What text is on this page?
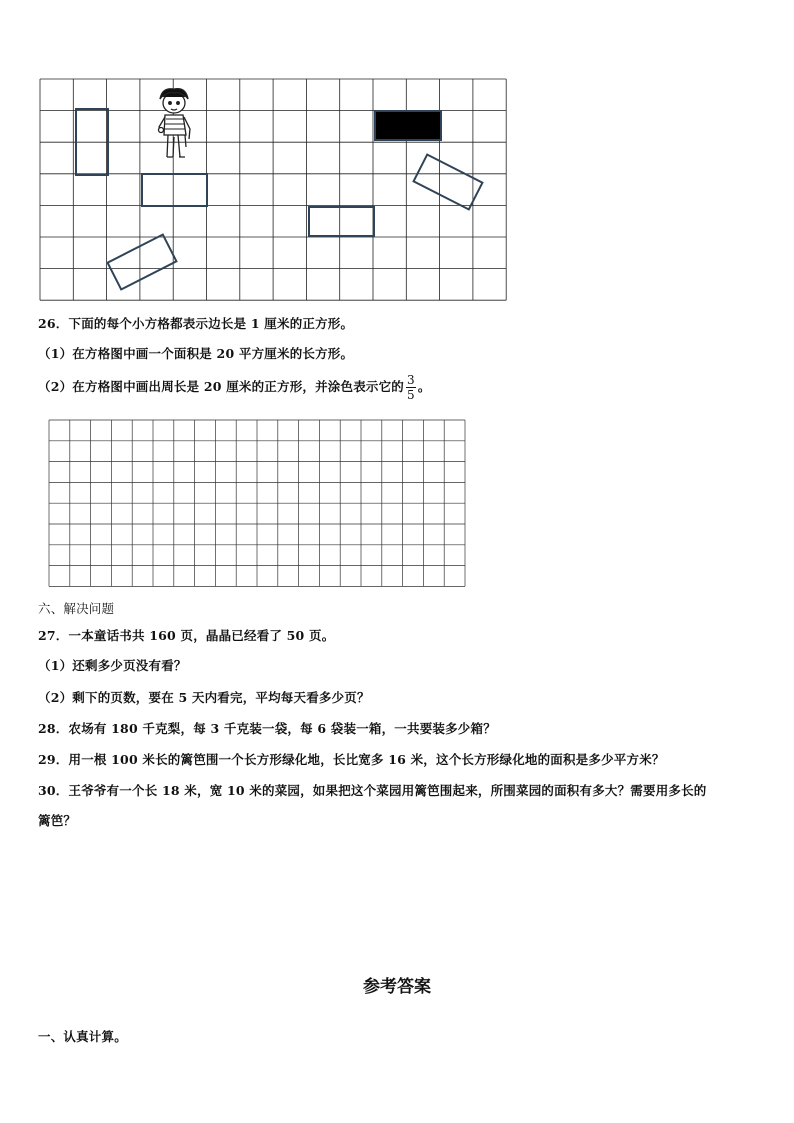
26．下面的每个小方格都表示边长是 1 厘米的正方形。
（1）在方格图中画一个面积是 20 平方厘米的长方形。
（2）在方格图中画出周长是 20 厘米的正方形，并涂色表示它的 $\frac{3}{5}$ 。
六、解决问题
27．一本童话书共 160 页，晶晶已经看了 50 页。
（1）还剩多少页没有看？
（2）剩下的页数，要在 5 天内看完，平均每天看多少页？
28．农场有 180 千克梨，每 3 千克装一袋，每 6 袋装一箱，一共要装多少箱？
29．用一根 100 米长的篱笆围一个长方形绿化地，长比宽多 16 米，这个长方形绿化地的面积是多少平方米？
30．王爷爷有一个长 18 米，宽 10 米的菜园，如果把这个菜园用篱笆围起来，所围菜园的面积有多大？需要用多长的
篱笆？
参考答案
一、认真计算。
